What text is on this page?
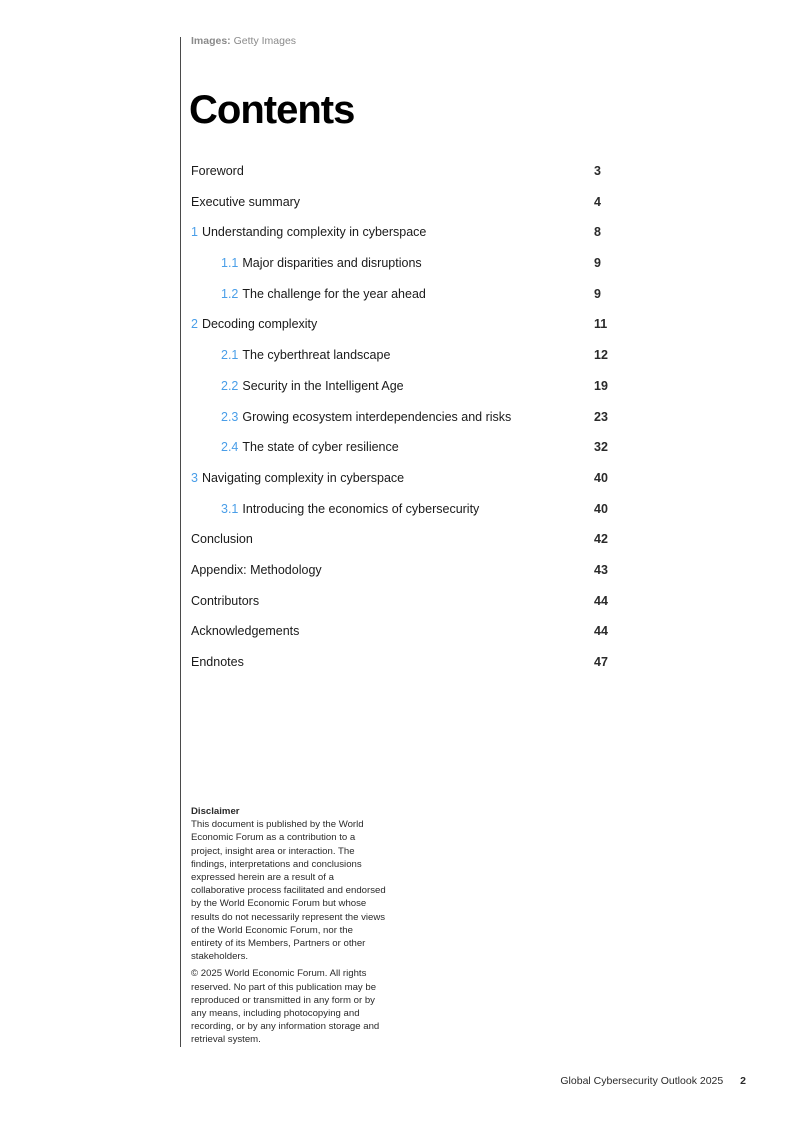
Images: Getty Images
Contents
Foreword	3
Executive summary	4
1 Understanding complexity in cyberspace	8
1.1 Major disparities and disruptions	9
1.2 The challenge for the year ahead	9
2 Decoding complexity	11
2.1 The cyberthreat landscape	12
2.2 Security in the Intelligent Age	19
2.3 Growing ecosystem interdependencies and risks	23
2.4 The state of cyber resilience	32
3 Navigating complexity in cyberspace	40
3.1 Introducing the economics of cybersecurity	40
Conclusion	42
Appendix: Methodology	43
Contributors	44
Acknowledgements	44
Endnotes	47
Disclaimer

This document is published by the World Economic Forum as a contribution to a project, insight area or interaction. The findings, interpretations and conclusions expressed herein are a result of a collaborative process facilitated and endorsed by the World Economic Forum but whose results do not necessarily represent the views of the World Economic Forum, nor the entirety of its Members, Partners or other stakeholders.

© 2025 World Economic Forum. All rights reserved. No part of this publication may be reproduced or transmitted in any form or by any means, including photocopying and recording, or by any information storage and retrieval system.

Global Cybersecurity Outlook 2025 2
